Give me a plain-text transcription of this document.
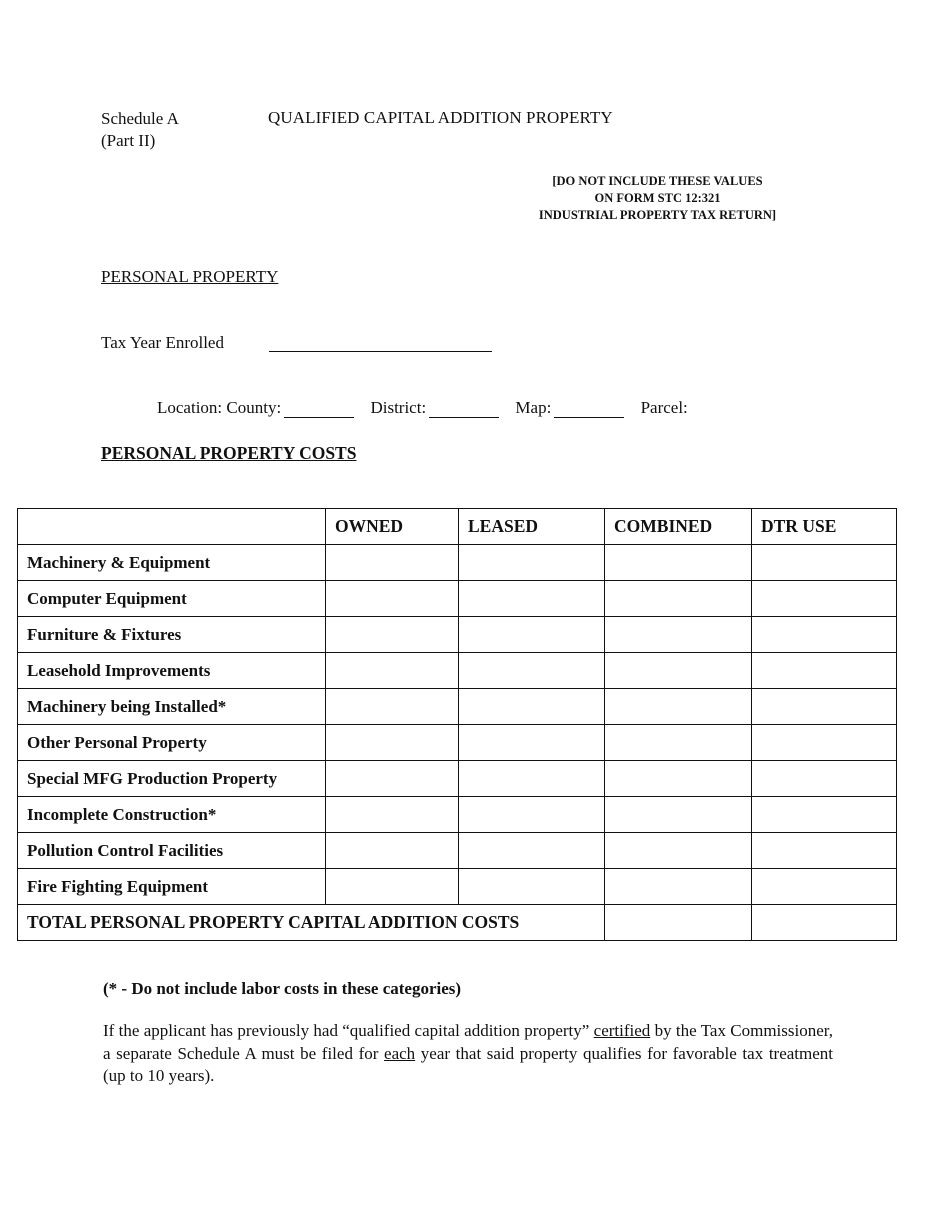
Schedule A
(Part II)
QUALIFIED CAPITAL ADDITION PROPERTY
[DO NOT INCLUDE THESE VALUES
ON FORM STC 12:321
INDUSTRIAL PROPERTY TAX RETURN]
PERSONAL PROPERTY
Tax Year Enrolled
Location: County:	District:	Map:	Parcel:
PERSONAL PROPERTY COSTS
	OWNED	LEASED	COMBINED	DTR USE
Machinery & Equipment				
Computer Equipment				
Furniture & Fixtures				
Leasehold Improvements				
Machinery being Installed*				
Other Personal Property				
Special MFG Production Property				
Incomplete Construction*				
Pollution Control Facilities				
Fire Fighting Equipment				
TOTAL PERSONAL PROPERTY CAPITAL ADDITION COSTS				
(* - Do not include labor costs in these categories)
If the applicant has previously had “qualified capital addition property” certified by the Tax Commissioner, a separate Schedule A must be filed for each year that said property qualifies for favorable tax treatment (up to 10 years).
